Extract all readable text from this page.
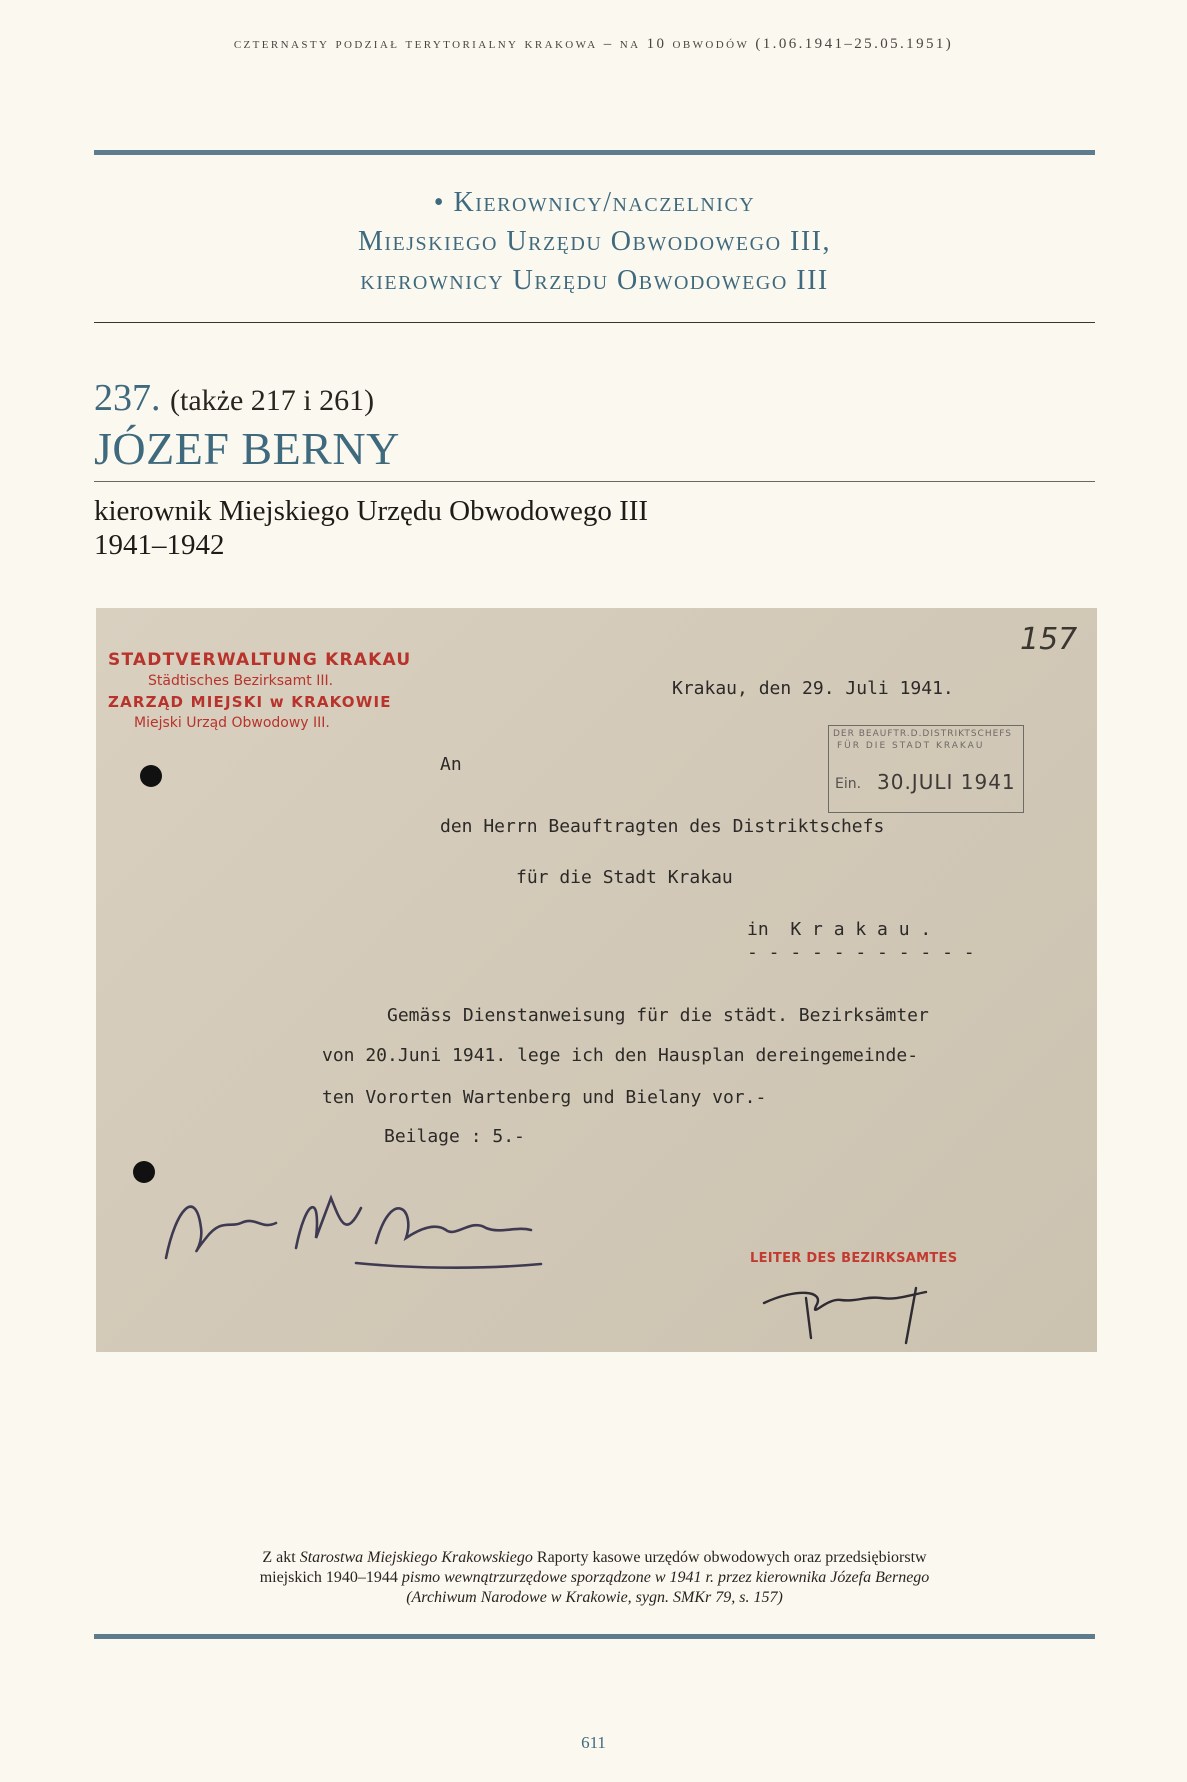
czternasty podział terytorialny krakowa – na 10 obwodów (1.06.1941–25.05.1951)
• Kierownicy/naczelnicy
Miejskiego Urzędu Obwodowego III,
kierownicy Urzędu Obwodowego III
237. (także 217 i 261)
JÓZEF BERNY
kierownik Miejskiego Urzędu Obwodowego III
1941–1942
STADTVERWALTUNG KRAKAU
Städtisches Bezirksamt III.
ZARZĄD MIEJSKI w KRAKOWIE
Miejski Urząd Obwodowy III.
157
Krakau, den 29. Juli 1941.
DER BEAUFTR.D.DISTRIKTSCHEFS
FÜR DIE STADT KRAKAU
Ein. 30.JULI 1941
An
den Herrn Beauftragten des Distriktschefs
für die Stadt Krakau
in  K r a k a u .
- - - - - - - - - - -
Gemäss Dienstanweisung für die städt. Bezirksämter
von 20.Juni 1941. lege ich den Hausplan dereingemeinde-
ten Vororten Wartenberg und Bielany vor.-
Beilage : 5.-
LEITER DES BEZIRKSAMTES
Z akt Starostwa Miejskiego Krakowskiego Raporty kasowe urzędów obwodowych oraz przedsiębiorstw
miejskich 1940–1944 pismo wewnątrzurzędowe sporządzone w 1941 r. przez kierownika Józefa Bernego
(Archiwum Narodowe w Krakowie, sygn. SMKr 79, s. 157)
611
